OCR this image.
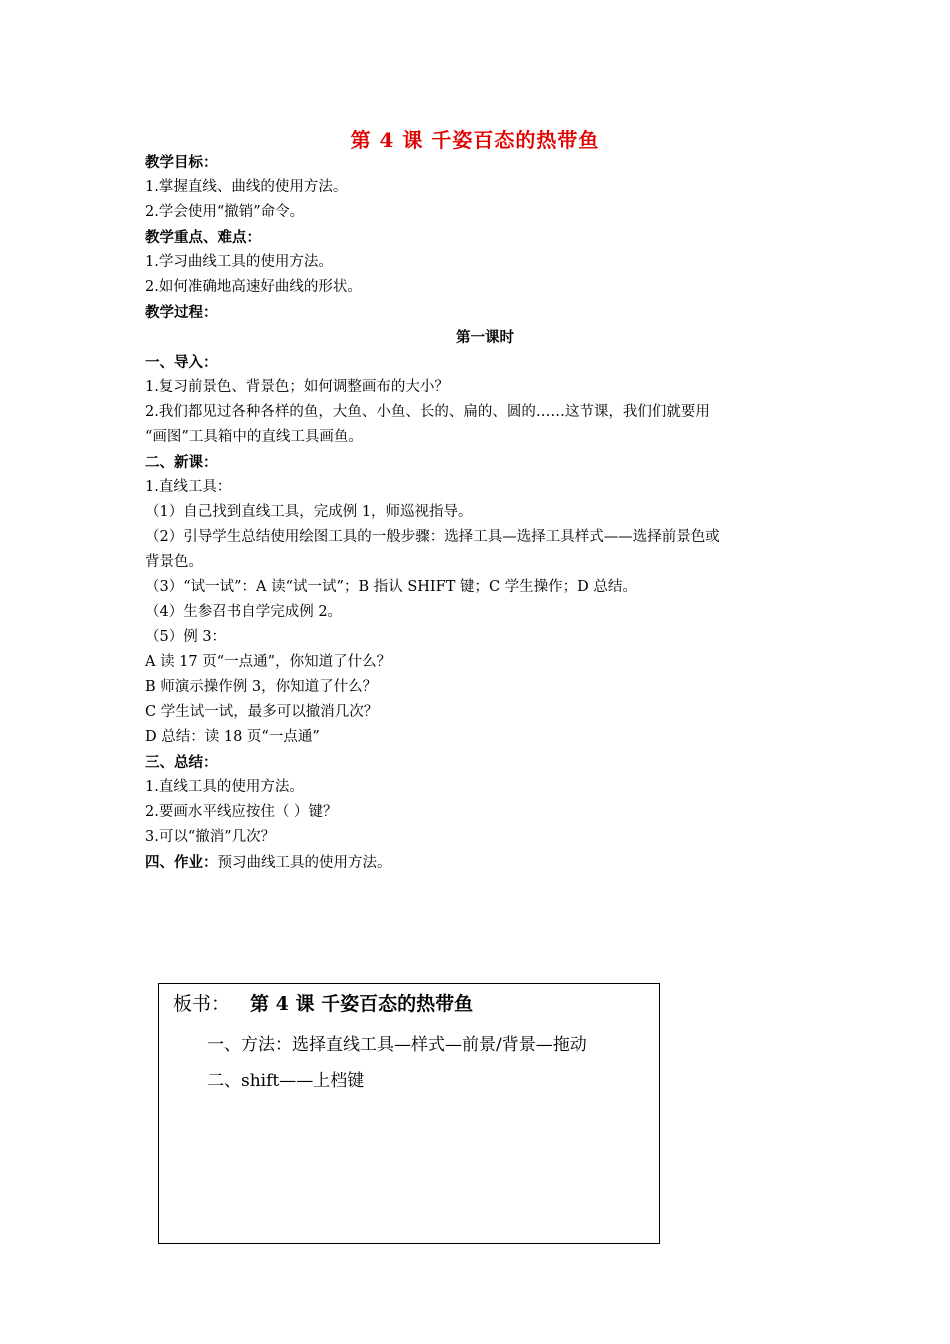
第 4 课 千姿百态的热带鱼
教学目标：
1.掌握直线、曲线的使用方法。
2.学会使用“撤销”命令。
教学重点、难点：
1.学习曲线工具的使用方法。
2.如何准确地高速好曲线的形状。
教学过程：
第一课时
一、导入：
1.复习前景色、背景色；如何调整画布的大小？
2.我们都见过各种各样的鱼，大鱼、小鱼、长的、扁的、圆的……这节课，我们们就要用
“画图”工具箱中的直线工具画鱼。
二、新课：
1.直线工具：
（1）自己找到直线工具，完成例 1，师巡视指导。
（2）引导学生总结使用绘图工具的一般步骤：选择工具—选择工具样式——选择前景色或
背景色。
（3）“试一试”：A 读“试一试”；B 指认 SHIFT 键；C 学生操作；D 总结。
（4）生参召书自学完成例 2。
（5）例 3：
A 读 17 页“一点通”，你知道了什么？
B 师演示操作例 3，你知道了什么？
C 学生试一试，最多可以撤消几次？
D 总结：读 18 页“一点通”
三、总结：
1.直线工具的使用方法。
2.要画水平线应按住（ ）键？
3.可以“撤消”几次？
四、作业：预习曲线工具的使用方法。
板书： 第 4 课 千姿百态的热带鱼
一、方法：选择直线工具—样式—前景/背景—拖动
二、shift——上档键
